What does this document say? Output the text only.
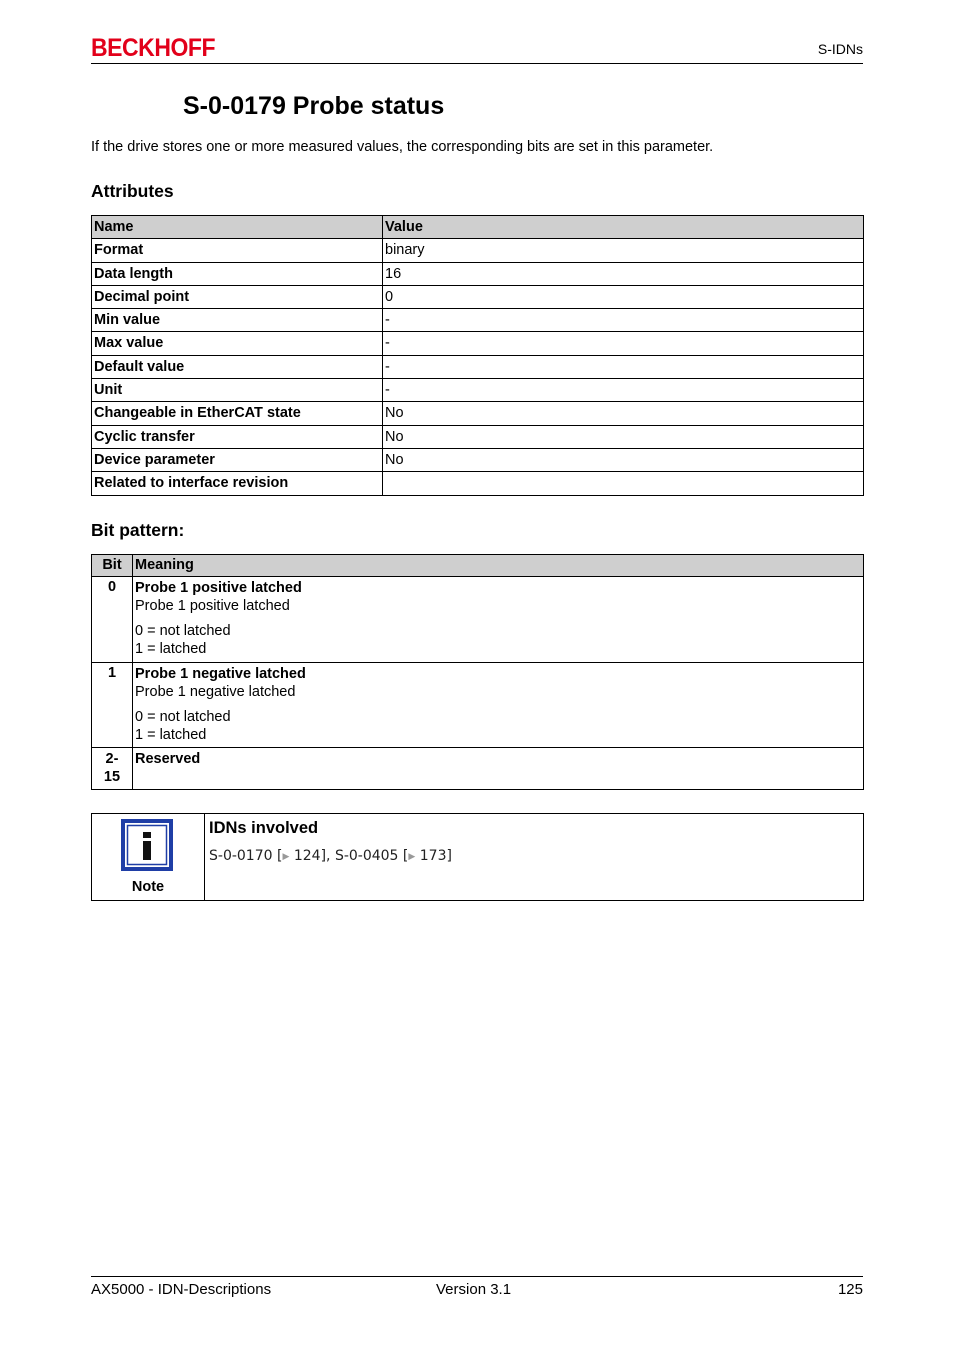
BECKHOFF	S-IDNs
S-0-0179 Probe status

If the drive stores one or more measured values, the corresponding bits are set in this parameter.

Attributes
Name	Value
Format	binary
Data length	16
Decimal point	0
Min value	-
Max value	-
Default value	-
Unit	-
Changeable in EtherCAT state	No
Cyclic transfer	No
Device parameter	No
Related to interface revision	
Bit pattern:
Bit	Meaning
0	Probe 1 positive latched
Probe 1 positive latched
0 = not latched
1 = latched

1	Probe 1 negative latched
Probe 1 negative latched
0 = not latched
1 = latched

2-
15	Reserved
Note
IDNs involved
S-0-0170 [▶ 124], S-0-0405 [▶ 173]
AX5000 - IDN-Descriptions	Version 3.1	125
